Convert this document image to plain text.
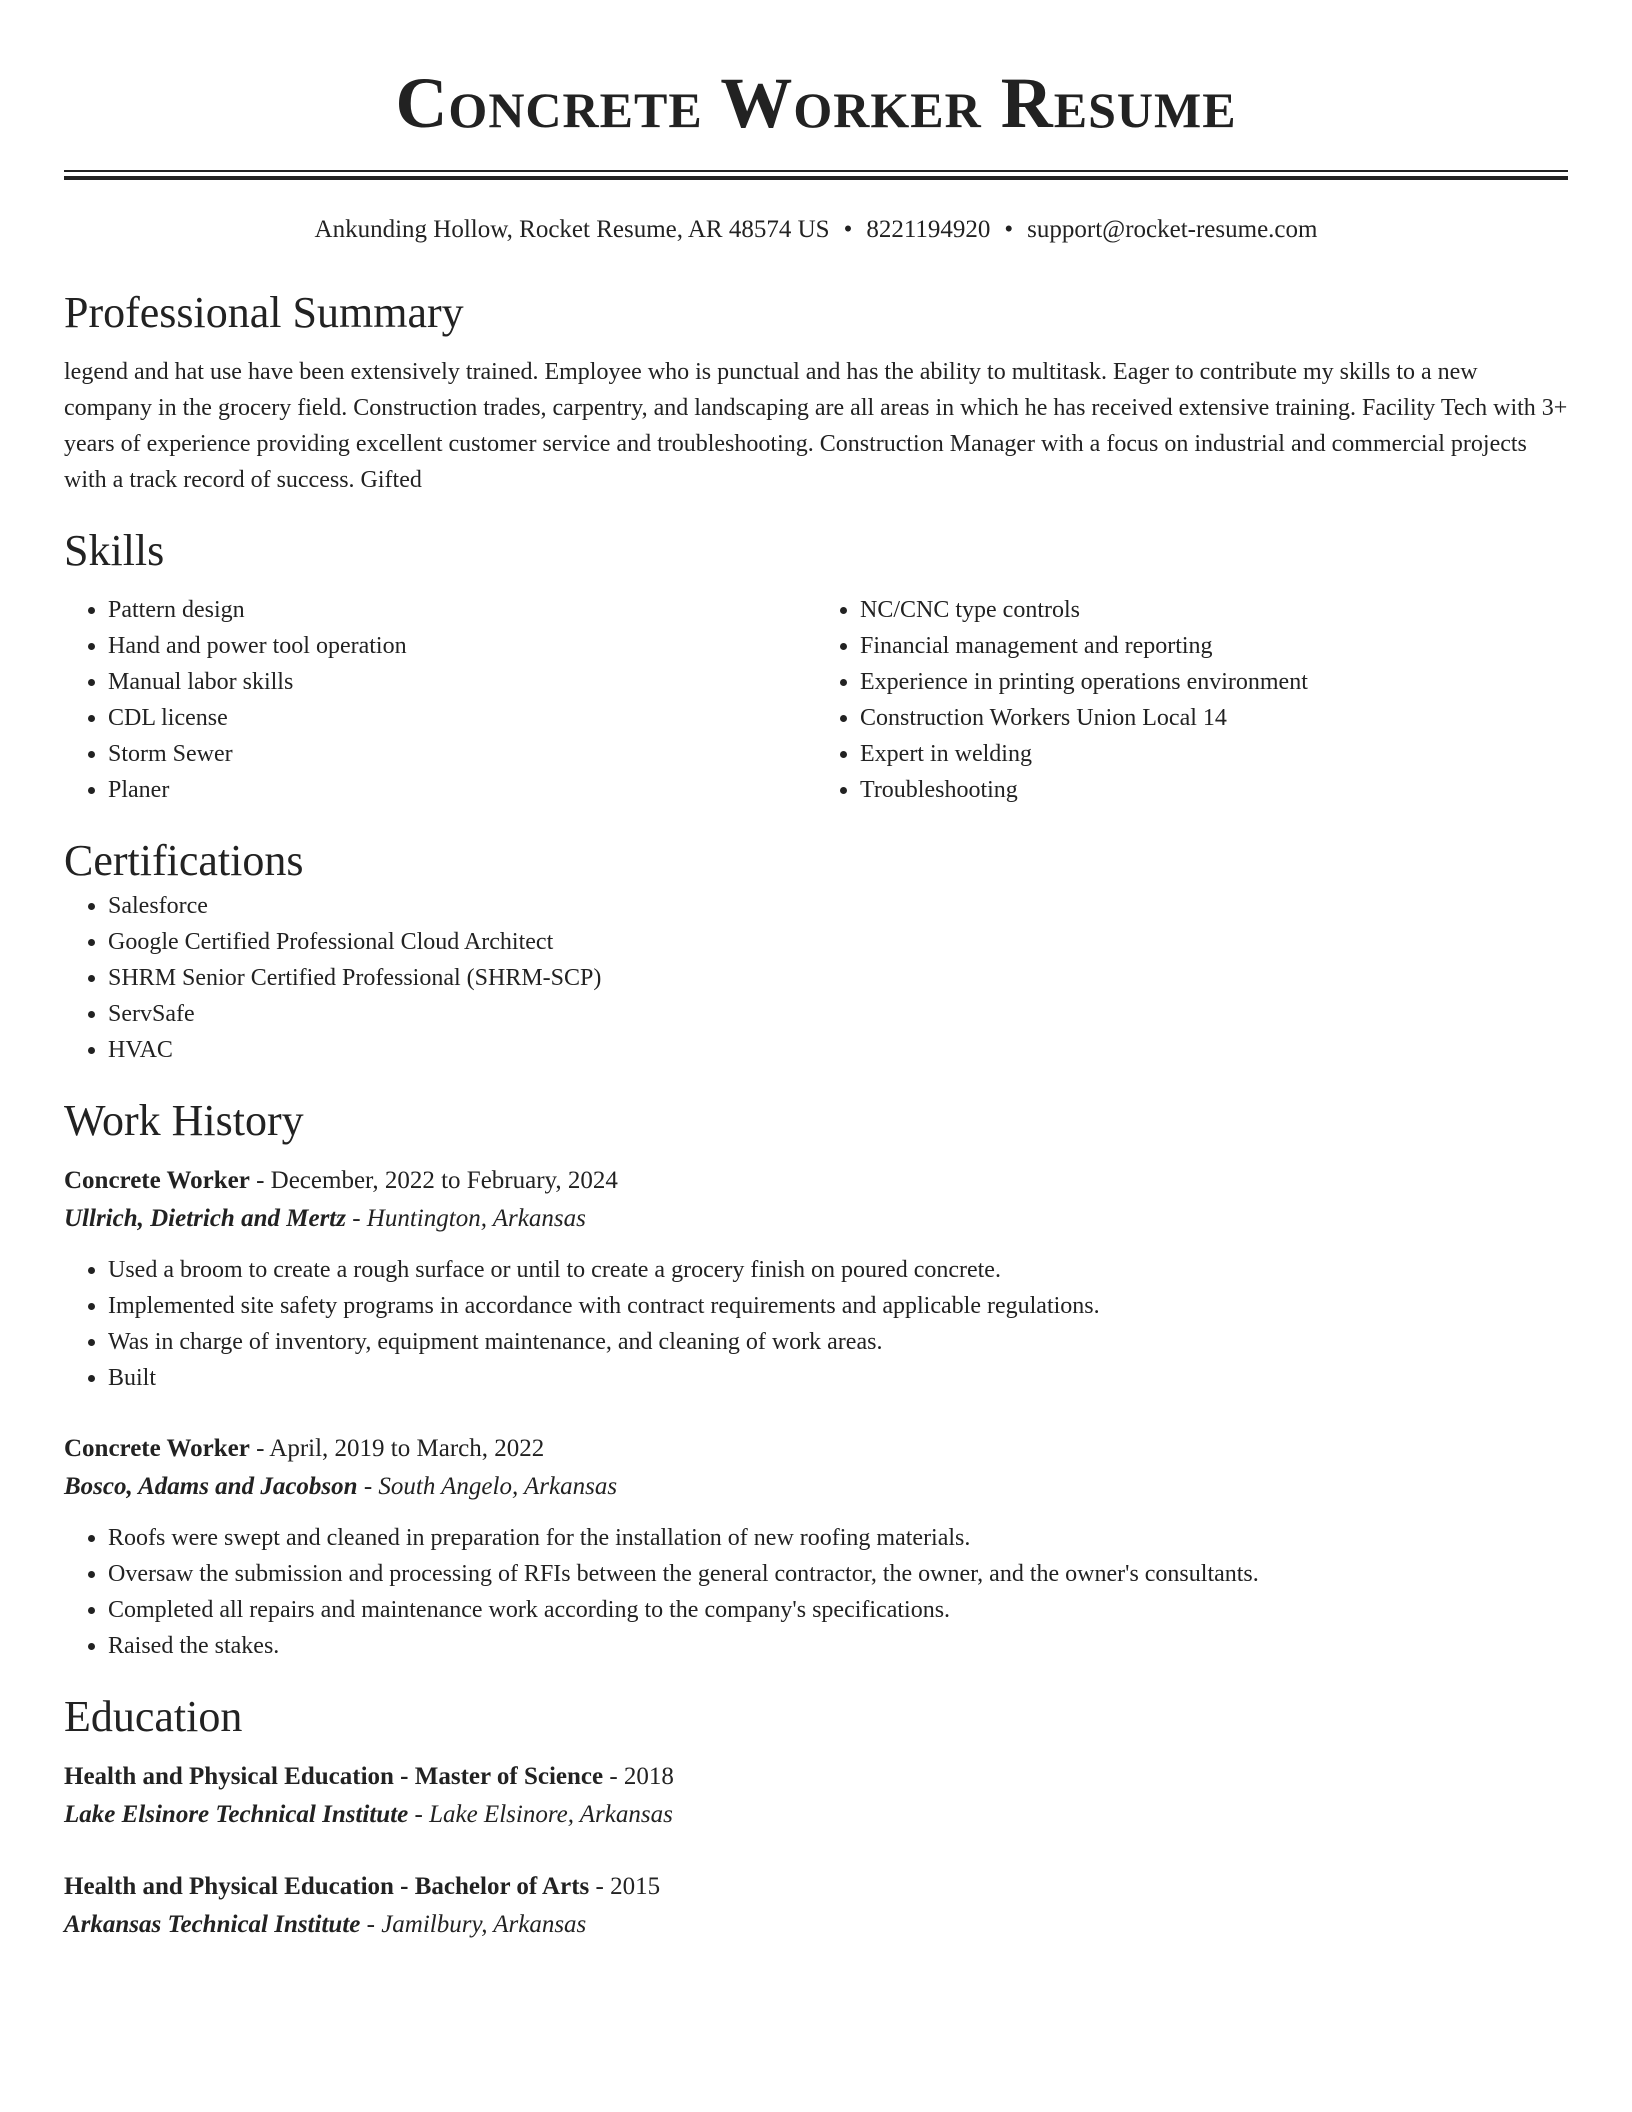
Concrete Worker Resume
Ankunding Hollow, Rocket Resume, AR 48574 US • 8221194920 • support@rocket-resume.com
Professional Summary

legend and hat use have been extensively trained. Employee who is punctual and has the ability to multitask. Eager to contribute my skills to a new company in the grocery field. Construction trades, carpentry, and landscaping are all areas in which he has received extensive training. Facility Tech with 3+ years of experience providing excellent customer service and troubleshooting. Construction Manager with a focus on industrial and commercial projects with a track record of success. Gifted

Skills
• Pattern design
• Hand and power tool operation
• Manual labor skills
• CDL license
• Storm Sewer
• Planer
• NC/CNC type controls
• Financial management and reporting
• Experience in printing operations environment
• Construction Workers Union Local 14
• Expert in welding
• Troubleshooting
Certifications
• Salesforce
• Google Certified Professional Cloud Architect
• SHRM Senior Certified Professional (SHRM-SCP)
• ServSafe
• HVAC
Work History
Concrete Worker - December, 2022 to February, 2024
Ullrich, Dietrich and Mertz - Huntington, Arkansas
• Used a broom to create a rough surface or until to create a grocery finish on poured concrete.
• Implemented site safety programs in accordance with contract requirements and applicable regulations.
• Was in charge of inventory, equipment maintenance, and cleaning of work areas.
• Built
Concrete Worker - April, 2019 to March, 2022
Bosco, Adams and Jacobson - South Angelo, Arkansas
• Roofs were swept and cleaned in preparation for the installation of new roofing materials.
• Oversaw the submission and processing of RFIs between the general contractor, the owner, and the owner's consultants.
• Completed all repairs and maintenance work according to the company's specifications.
• Raised the stakes.
Education
Health and Physical Education - Master of Science - 2018
Lake Elsinore Technical Institute - Lake Elsinore, Arkansas
Health and Physical Education - Bachelor of Arts - 2015
Arkansas Technical Institute - Jamilbury, Arkansas
